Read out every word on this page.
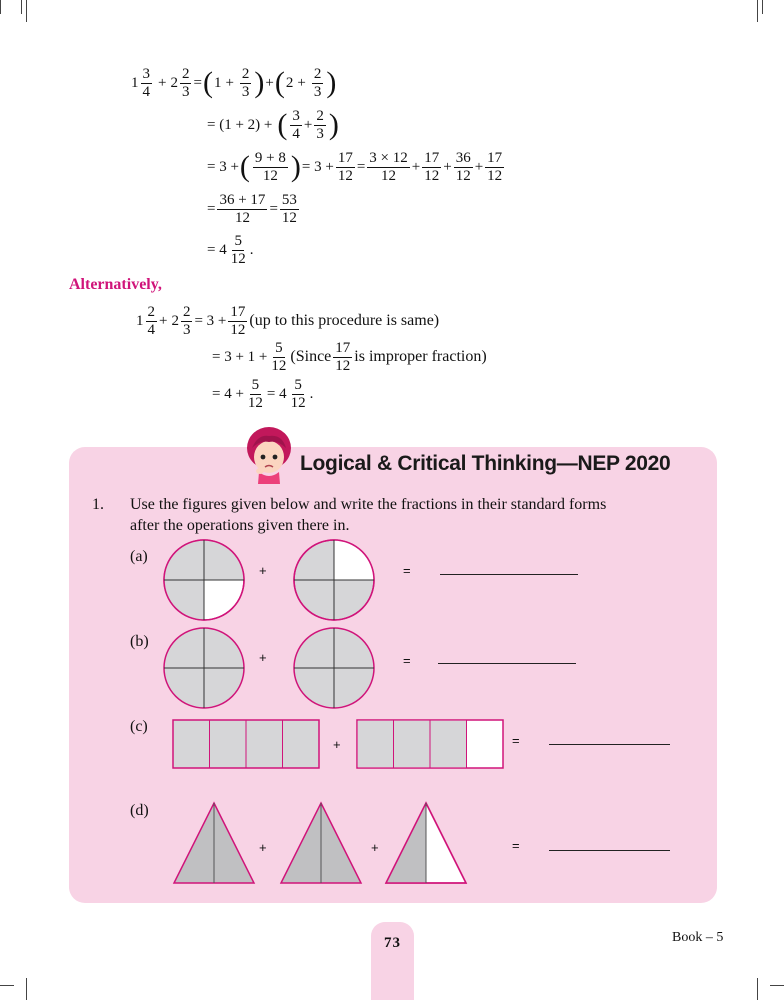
$1 \frac{3}{4} + 2 \frac{2}{3}$ = ( $1 + \frac{2}{3}$ ) + ( $2 + \frac{2}{3}$ )
= (1 + 2) + ( $\frac{3}{4} + \frac{2}{3}$ )
= 3 + ( $\frac{9 + 8}{12}$ ) = $3 + \frac{17}{12} = \frac{3 \times 12}{12} + \frac{17}{12} + \frac{36}{12} + \frac{17}{12}$
= $\frac{36 + 17}{12} = \frac{53}{12}$
= $4 \frac{5}{12}$ .
Alternatively,
$1 \frac{2}{4} + 2 \frac{2}{3} = 3 + \frac{17}{12} (up$ to this procedure is same)
= $3 + 1 + \frac{5}{12}$ (Since $\frac{17}{12}$ is improper fraction)
= $4 + \frac{5}{12} = 4 \frac{5}{12}$ .
Logical & Critical Thinking—NEP 2020
1. Use the figures given below and write the fractions in their standard forms
after the operations given there in.
(a)
+	=
(b)
+	=
(c)
+	=
(d)
+	+	=
73	Book – 5
